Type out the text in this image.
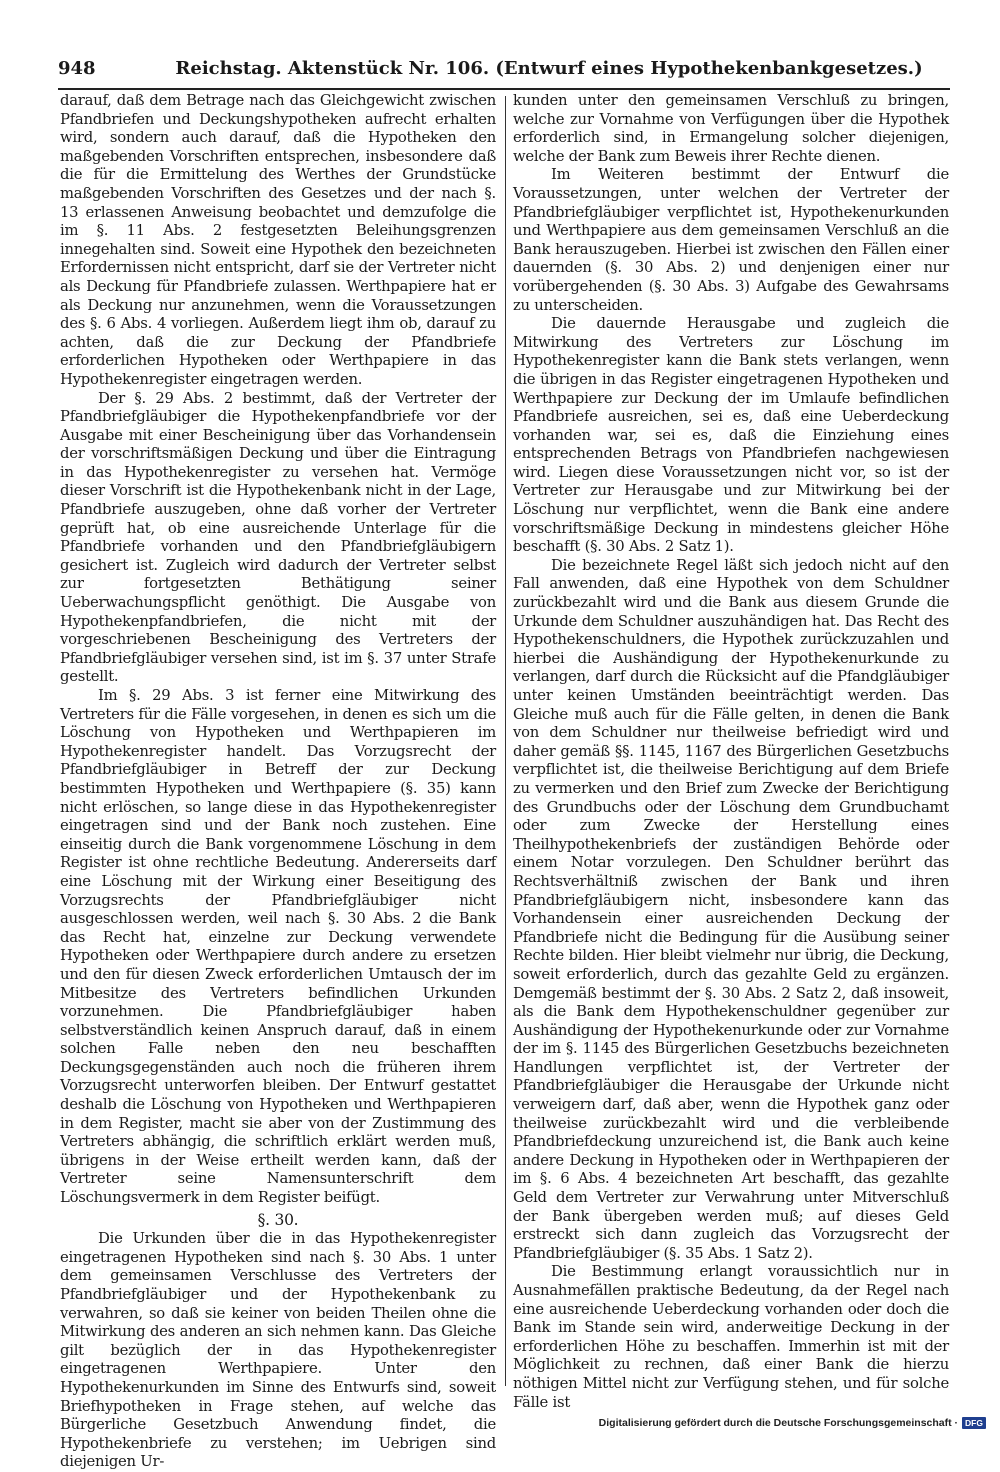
948	Reichstag. Aktenstück Nr. 106. (Entwurf eines Hypothekenbankgesetzes.)

darauf, daß dem Betrage nach das Gleichgewicht zwischen Pfandbriefen und Deckungshypotheken aufrecht erhalten wird, sondern auch darauf, daß die Hypotheken den maßgebenden Vorschriften entsprechen, insbesondere daß die für die Ermittelung des Werthes der Grundstücke maßgebenden Vorschriften des Gesetzes und der nach §. 13 erlassenen Anweisung beobachtet und demzufolge die im §. 11 Abs. 2 festgesetzten Beleihungsgrenzen innegehalten sind. Soweit eine Hypothek den bezeichneten Erfordernissen nicht entspricht, darf sie der Vertreter nicht als Deckung für Pfandbriefe zulassen. Werthpapiere hat er als Deckung nur anzunehmen, wenn die Voraussetzungen des §. 6 Abs. 4 vorliegen. Außerdem liegt ihm ob, darauf zu achten, daß die zur Deckung der Pfandbriefe erforderlichen Hypotheken oder Werthpapiere in das Hypothekenregister eingetragen werden.

Der §. 29 Abs. 2 bestimmt, daß der Vertreter der Pfandbriefgläubiger die Hypothekenpfandbriefe vor der Ausgabe mit einer Bescheinigung über das Vorhandensein der vorschriftsmäßigen Deckung und über die Eintragung in das Hypothekenregister zu versehen hat. Vermöge dieser Vorschrift ist die Hypothekenbank nicht in der Lage, Pfandbriefe auszugeben, ohne daß vorher der Vertreter geprüft hat, ob eine ausreichende Unterlage für die Pfandbriefe vorhanden und den Pfandbriefgläubigern gesichert ist. Zugleich wird dadurch der Vertreter selbst zur fortgesetzten Bethätigung seiner Ueberwachungspflicht genöthigt. Die Ausgabe von Hypothekenpfandbriefen, die nicht mit der vorgeschriebenen Bescheinigung des Vertreters der Pfandbriefgläubiger versehen sind, ist im §. 37 unter Strafe gestellt.

Im §. 29 Abs. 3 ist ferner eine Mitwirkung des Vertreters für die Fälle vorgesehen, in denen es sich um die Löschung von Hypotheken und Werthpapieren im Hypothekenregister handelt. Das Vorzugsrecht der Pfandbriefgläubiger in Betreff der zur Deckung bestimmten Hypotheken und Werthpapiere (§. 35) kann nicht erlöschen, so lange diese in das Hypothekenregister eingetragen sind und der Bank noch zustehen. Eine einseitig durch die Bank vorgenommene Löschung in dem Register ist ohne rechtliche Bedeutung. Andererseits darf eine Löschung mit der Wirkung einer Beseitigung des Vorzugsrechts der Pfandbriefgläubiger nicht ausgeschlossen werden, weil nach §. 30 Abs. 2 die Bank das Recht hat, einzelne zur Deckung verwendete Hypotheken oder Werthpapiere durch andere zu ersetzen und den für diesen Zweck erforderlichen Umtausch der im Mitbesitze des Vertreters befindlichen Urkunden vorzunehmen. Die Pfandbriefgläubiger haben selbstverständlich keinen Anspruch darauf, daß in einem solchen Falle neben den neu beschafften Deckungsgegenständen auch noch die früheren ihrem Vorzugsrecht unterworfen bleiben. Der Entwurf gestattet deshalb die Löschung von Hypotheken und Werthpapieren in dem Register, macht sie aber von der Zustimmung des Vertreters abhängig, die schriftlich erklärt werden muß, übrigens in der Weise ertheilt werden kann, daß der Vertreter seine Namensunterschrift dem Löschungsvermerk in dem Register beifügt.

§. 30.

Die Urkunden über die in das Hypothekenregister eingetragenen Hypotheken sind nach §. 30 Abs. 1 unter dem gemeinsamen Verschlusse des Vertreters der Pfandbriefgläubiger und der Hypothekenbank zu verwahren, so daß sie keiner von beiden Theilen ohne die Mitwirkung des anderen an sich nehmen kann. Das Gleiche gilt bezüglich der in das Hypothekenregister eingetragenen Werthpapiere. Unter den Hypothekenurkunden im Sinne des Entwurfs sind, soweit Briefhypotheken in Frage stehen, auf welche das Bürgerliche Gesetzbuch Anwendung findet, die Hypothekenbriefe zu verstehen; im Uebrigen sind diejenigen Ur-

kunden unter den gemeinsamen Verschluß zu bringen, welche zur Vornahme von Verfügungen über die Hypothek erforderlich sind, in Ermangelung solcher diejenigen, welche der Bank zum Beweis ihrer Rechte dienen.

Im Weiteren bestimmt der Entwurf die Voraussetzungen, unter welchen der Vertreter der Pfandbriefgläubiger verpflichtet ist, Hypothekenurkunden und Werthpapiere aus dem gemeinsamen Verschluß an die Bank herauszugeben. Hierbei ist zwischen den Fällen einer dauernden (§. 30 Abs. 2) und denjenigen einer nur vorübergehenden (§. 30 Abs. 3) Aufgabe des Gewahrsams zu unterscheiden.

Die dauernde Herausgabe und zugleich die Mitwirkung des Vertreters zur Löschung im Hypothekenregister kann die Bank stets verlangen, wenn die übrigen in das Register eingetragenen Hypotheken und Werthpapiere zur Deckung der im Umlaufe befindlichen Pfandbriefe ausreichen, sei es, daß eine Ueberdeckung vorhanden war, sei es, daß die Einziehung eines entsprechenden Betrags von Pfandbriefen nachgewiesen wird. Liegen diese Voraussetzungen nicht vor, so ist der Vertreter zur Herausgabe und zur Mitwirkung bei der Löschung nur verpflichtet, wenn die Bank eine andere vorschriftsmäßige Deckung in mindestens gleicher Höhe beschafft (§. 30 Abs. 2 Satz 1).

Die bezeichnete Regel läßt sich jedoch nicht auf den Fall anwenden, daß eine Hypothek von dem Schuldner zurückbezahlt wird und die Bank aus diesem Grunde die Urkunde dem Schuldner auszuhändigen hat. Das Recht des Hypothekenschuldners, die Hypothek zurückzuzahlen und hierbei die Aushändigung der Hypothekenurkunde zu verlangen, darf durch die Rücksicht auf die Pfandgläubiger unter keinen Umständen beeinträchtigt werden. Das Gleiche muß auch für die Fälle gelten, in denen die Bank von dem Schuldner nur theilweise befriedigt wird und daher gemäß §§. 1145, 1167 des Bürgerlichen Gesetzbuchs verpflichtet ist, die theilweise Berichtigung auf dem Briefe zu vermerken und den Brief zum Zwecke der Berichtigung des Grundbuchs oder der Löschung dem Grundbuchamt oder zum Zwecke der Herstellung eines Theilhypothekenbriefs der zuständigen Behörde oder einem Notar vorzulegen. Den Schuldner berührt das Rechtsverhältniß zwischen der Bank und ihren Pfandbriefgläubigern nicht, insbesondere kann das Vorhandensein einer ausreichenden Deckung der Pfandbriefe nicht die Bedingung für die Ausübung seiner Rechte bilden. Hier bleibt vielmehr nur übrig, die Deckung, soweit erforderlich, durch das gezahlte Geld zu ergänzen. Demgemäß bestimmt der §. 30 Abs. 2 Satz 2, daß insoweit, als die Bank dem Hypothekenschuldner gegenüber zur Aushändigung der Hypothekenurkunde oder zur Vornahme der im §. 1145 des Bürgerlichen Gesetzbuchs bezeichneten Handlungen verpflichtet ist, der Vertreter der Pfandbriefgläubiger die Herausgabe der Urkunde nicht verweigern darf, daß aber, wenn die Hypothek ganz oder theilweise zurückbezahlt wird und die verbleibende Pfandbriefdeckung unzureichend ist, die Bank auch keine andere Deckung in Hypotheken oder in Werthpapieren der im §. 6 Abs. 4 bezeichneten Art beschafft, das gezahlte Geld dem Vertreter zur Verwahrung unter Mitverschluß der Bank übergeben werden muß; auf dieses Geld erstreckt sich dann zugleich das Vorzugsrecht der Pfandbriefgläubiger (§. 35 Abs. 1 Satz 2).

Die Bestimmung erlangt voraussichtlich nur in Ausnahmefällen praktische Bedeutung, da der Regel nach eine ausreichende Ueberdeckung vorhanden oder doch die Bank im Stande sein wird, anderweitige Deckung in der erforderlichen Höhe zu beschaffen. Immerhin ist mit der Möglichkeit zu rechnen, daß einer Bank die hierzu nöthigen Mittel nicht zur Verfügung stehen, und für solche Fälle ist

Digitalisierung gefördert durch die Deutsche Forschungsgemeinschaft · DFG
